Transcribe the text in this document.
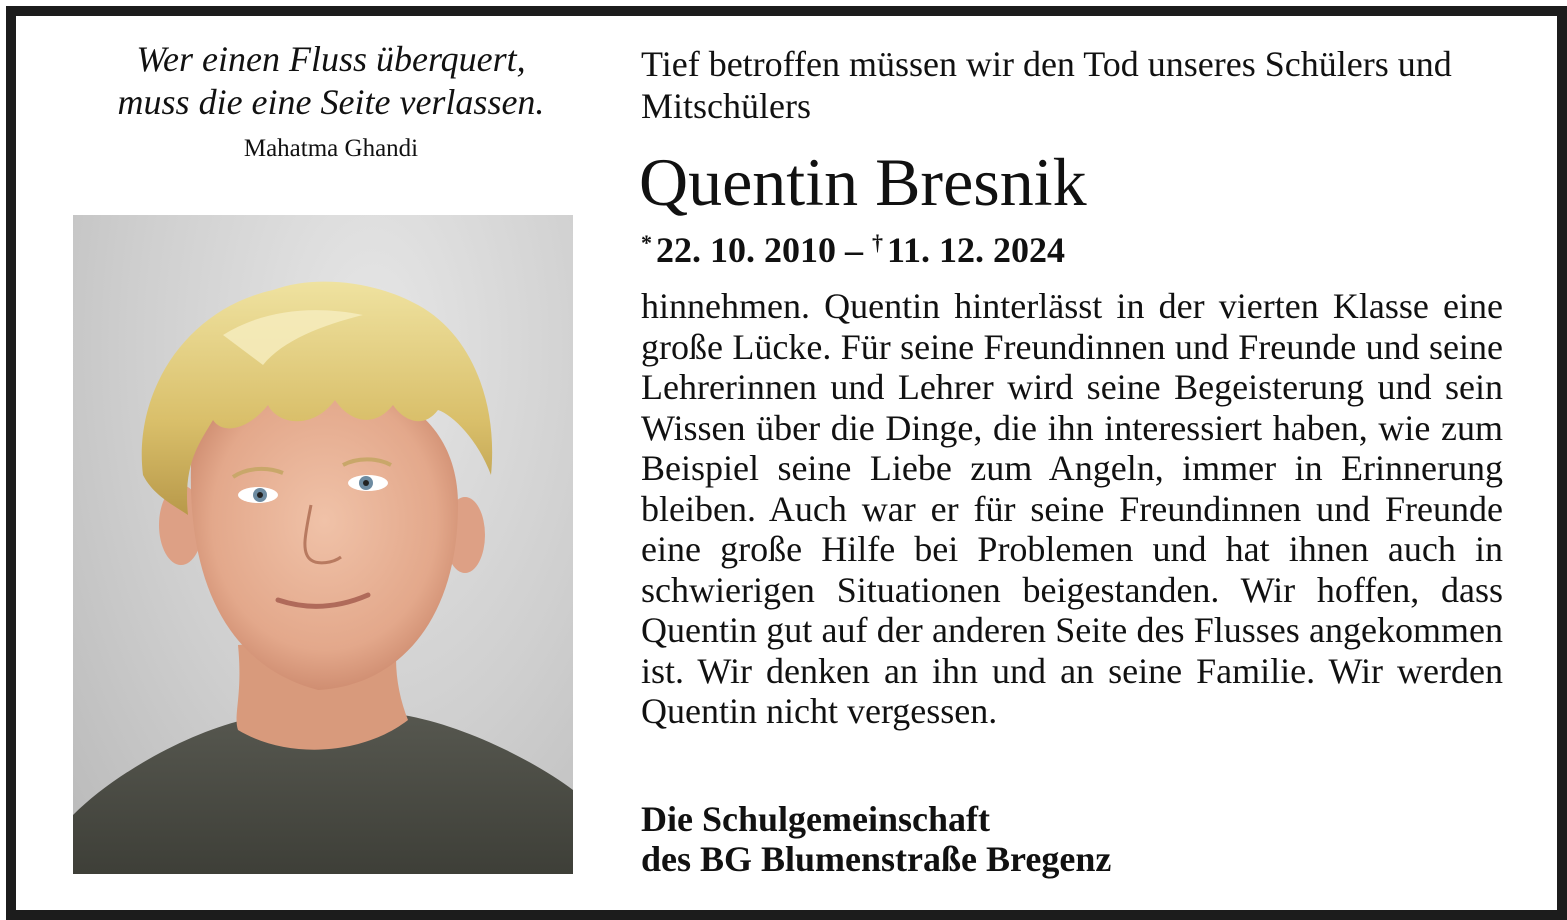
Wer einen Fluss überquert,
muss die eine Seite verlassen.
Mahatma Ghandi
Tief betroffen müssen wir den Tod unseres Schülers und Mitschülers
Quentin Bresnik
* 22. 10. 2010 – † 11. 12. 2024
hinnehmen. Quentin hinterlässt in der vierten Klasse eine große Lücke. Für seine Freundinnen und Freunde und seine Lehrerinnen und Lehrer wird seine Begeisterung und sein Wissen über die Dinge, die ihn interessiert haben, wie zum Beispiel seine Liebe zum Angeln, immer in Erinnerung bleiben. Auch war er für seine Freundinnen und Freunde eine große Hilfe bei Problemen und hat ihnen auch in schwierigen Situationen beigestanden. Wir hoffen, dass Quentin gut auf der anderen Seite des Flusses angekommen ist. Wir denken an ihn und an seine Familie. Wir werden Quentin nicht vergessen.
Die Schulgemeinschaft
des BG Blumenstraße Bregenz
